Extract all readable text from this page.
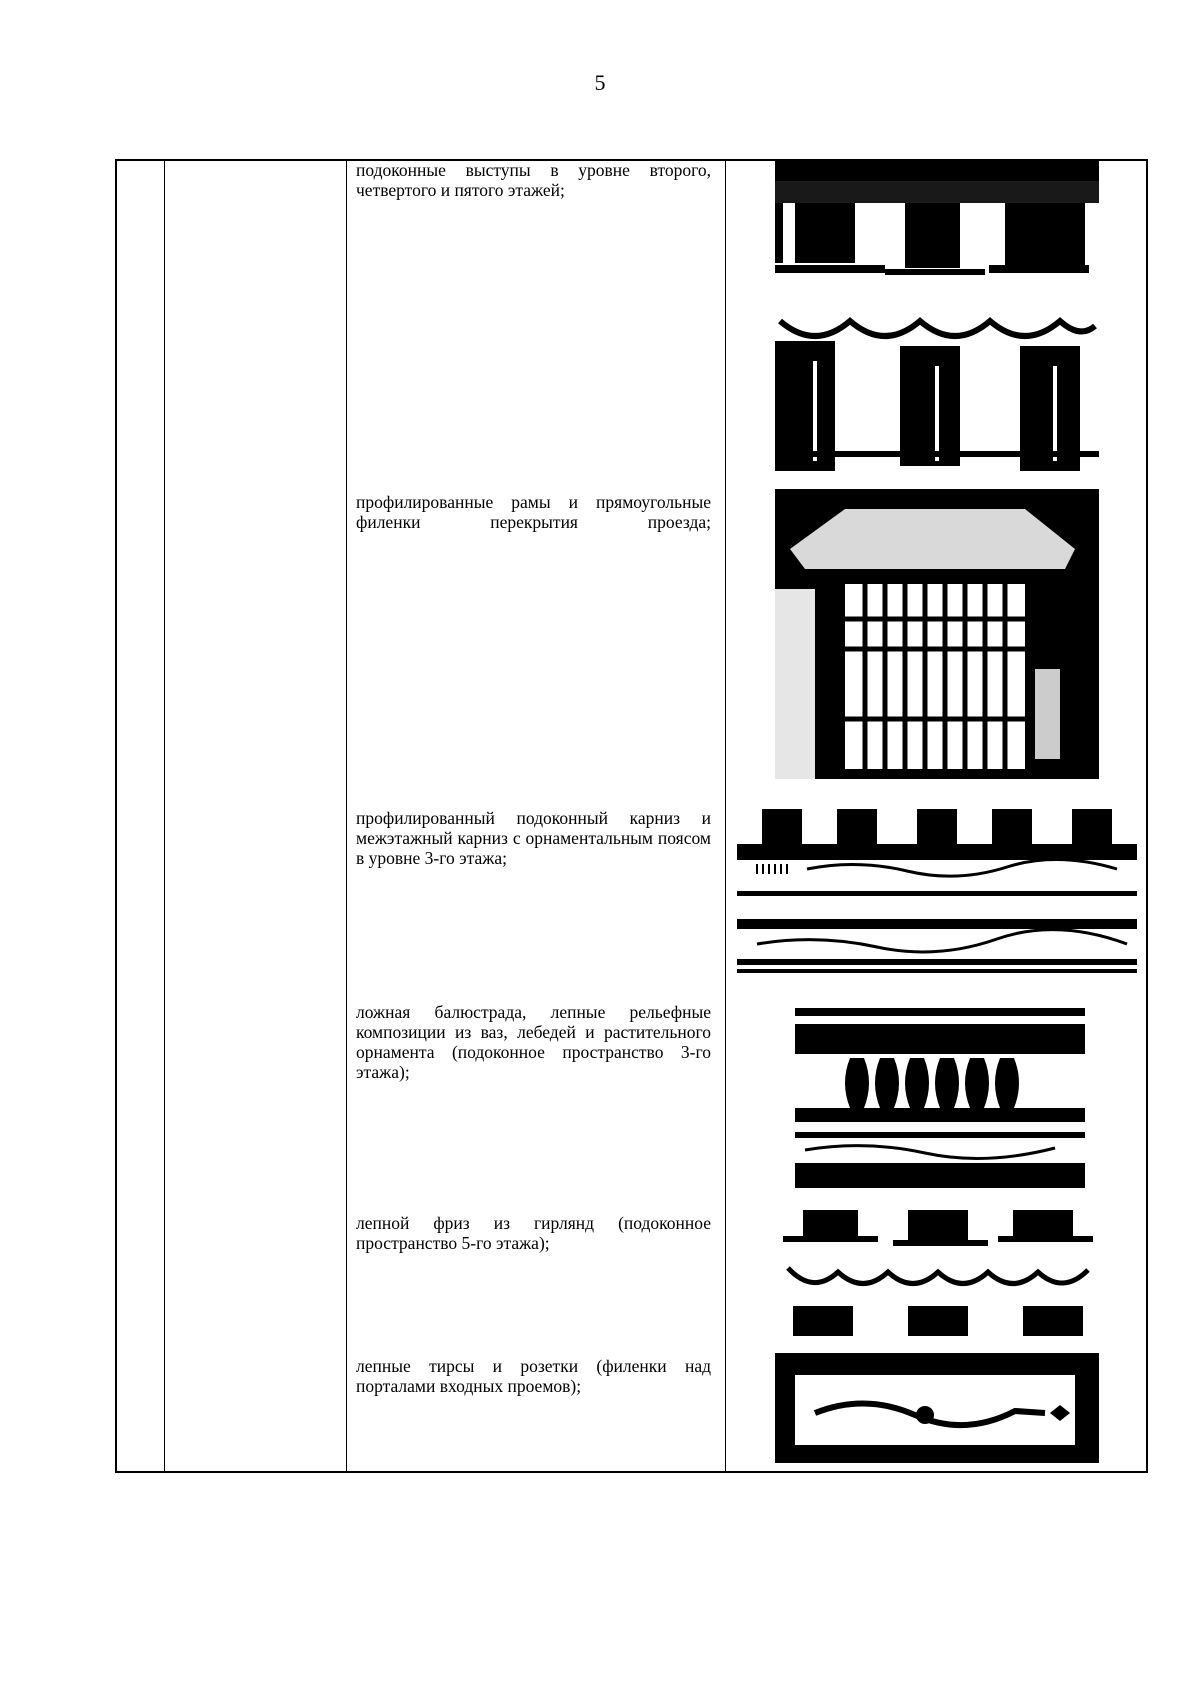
5
подоконные выступы в уровне второго, четвертого и пятого этажей;
профилированные рамы и прямоугольные филенки перекрытия проезда;
профилированный подоконный карниз и межэтажный карниз с орнаментальным поясом в уровне 3-го этажа;
ложная балюстрада, лепные рельефные композиции из ваз, лебедей и растительного орнамента (подоконное пространство 3-го этажа);
лепной фриз из гирлянд (подоконное пространство 5-го этажа);
лепные тирсы и розетки (филенки над порталами входных проемов);
